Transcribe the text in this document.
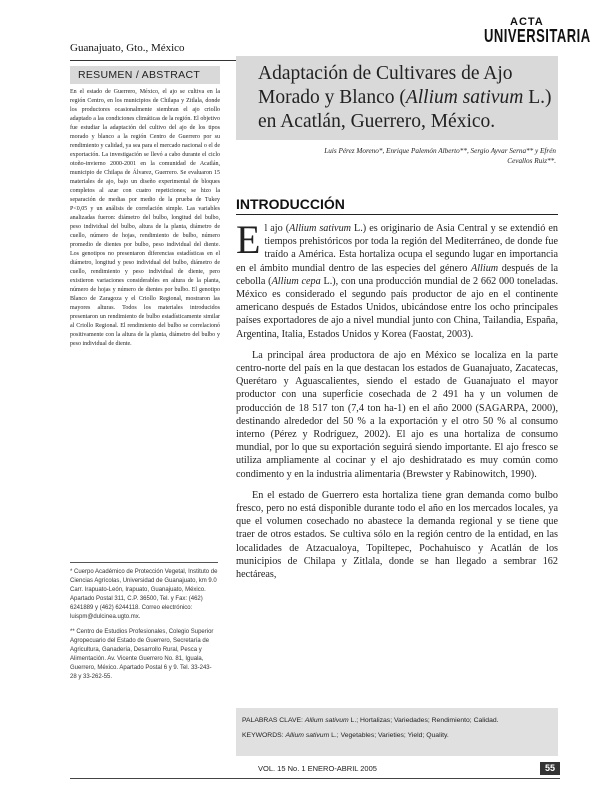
Guanajuato, Gto., México
ACTA
UNIVERSITARIA
RESUMEN / ABSTRACT	Adaptación de Cultivares de Ajo Morado y Blanco (Allium sativum L.) en Acatlán, Guerrero, México.
En el estado de Guerrero, México, el ajo se cultiva en la región Centro, en los municipios de Chilapa y Zitlala, donde los productores ocasionalmente siembran el ajo criollo adaptado a las condiciones climáticas de la región. El objetivo fue estudiar la adaptación del cultivo del ajo de los tipos morado y blanco a la región Centro de Guerrero por su rendimiento y calidad, ya sea para el mercado nacional o el de exportación. La investigación se llevó a cabo durante el ciclo otoño-invierno 2000-2001 en la comunidad de Acatlán, municipio de Chilapa de Álvarez, Guerrero. Se evaluaron 15 materiales de ajo, bajo un diseño experimental de bloques completos al azar con cuatro repeticiones; se hizo la separación de medias por medio de la prueba de Tukey P<0,05 y un análisis de correlación simple. Las variables analizadas fueron: diámetro del bulbo, longitud del bulbo, peso individual del bulbo, altura de la planta, diámetro de cuello, número de hojas, rendimiento de bulbo, número promedio de dientes por bulbo, peso individual del diente. Los genotipos no presentaron diferencias estadísticas en el diámetro, longitud y peso individual del bulbo, diámetro de cuello, rendimiento y peso individual de diente, pero existieron variaciones considerables en altura de la planta, número de hojas y número de dientes por bulbo. El genotipo Blanco de Zaragoza y el Criollo Regional, mostraron las mayores alturas. Todos los materiales introducidos presentaron un rendimiento de bulbo estadísticamente similar al Criollo Regional. El rendimiento del bulbo se correlacionó positivamente con la altura de la planta, diámetro del bulbo y peso individual de diente.
Luis Pérez Moreno*, Enrique Palemón Alberto**, Sergio Ayvar Serna** y Efrén Cevallos Ruiz**.
INTRODUCCIÓN

El ajo (Allium sativum L.) es originario de Asia Central y se extendió en tiempos prehistóricos por toda la región del Mediterráneo, de donde fue traído a América. Esta hortaliza ocupa el segundo lugar en importancia en el ámbito mundial dentro de las especies del género Allium después de la cebolla (Allium cepa L.), con una producción mundial de 2 662 000 toneladas. México es considerado el segundo país productor de ajo en el continente americano después de Estados Unidos, ubicándose entre los ocho principales países exportadores de ajo a nivel mundial junto con China, Tailandia, España, Argentina, Italia, Estados Unidos y Korea (Faostat, 2003).

La principal área productora de ajo en México se localiza en la parte centro-norte del país en la que destacan los estados de Guanajuato, Zacatecas, Querétaro y Aguascalientes, siendo el estado de Guanajuato el mayor productor con una superficie cosechada de 2 491 ha y un volumen de producción de 18 517 ton (7,4 ton ha-1) en el año 2000 (SAGARPA, 2000), destinando alrededor del 50 % a la exportación y el otro 50 % al consumo interno (Pérez y Rodríguez, 2002). El ajo es una hortaliza de consumo mundial, por lo que su exportación seguirá siendo importante. El ajo fresco se utiliza ampliamente al cocinar y el ajo deshidratado es muy común como condimento y en la industria alimentaria (Brewster y Rabinowitch, 1990).

En el estado de Guerrero esta hortaliza tiene gran demanda como bulbo fresco, pero no está disponible durante todo el año en los mercados locales, ya que el volumen cosechado no abastece la demanda regional y se tiene que traer de otros estados. Se cultiva sólo en la región centro de la entidad, en las localidades de Atzacualoya, Topiltepec, Pochahuisco y Acatlán de los municipios de Chilapa y Zitlala, donde se han llegado a sembrar 162 hectáreas,

* Cuerpo Académico de Protección Vegetal, Instituto de Ciencias Agrícolas, Universidad de Guanajuato, km 9.0 Carr. Irapuato-León, Irapuato, Guanajuato, México. Apartado Postal 311, C.P. 36500, Tel. y Fax: (462) 6241889 y (462) 6244118. Correo electrónico: luispm@dulcinea.ugto.mx.

** Centro de Estudios Profesionales, Colegio Superior Agropecuario del Estado de Guerrero, Secretaría de Agricultura, Ganadería, Desarrollo Rural, Pesca y Alimentación. Av. Vicente Guerrero No. 81, Iguala, Guerrero, México. Apartado Postal 6 y 9. Tel. 33-243-28 y 33-262-55.

PALABRAS CLAVE: Allium sativum L.; Hortalizas; Variedades; Rendimiento; Calidad.

KEYWORDS: Allium sativum L.; Vegetables; Varieties; Yield; Quality.

VOL. 15 No. 1 ENERO-ABRIL 2005	55
